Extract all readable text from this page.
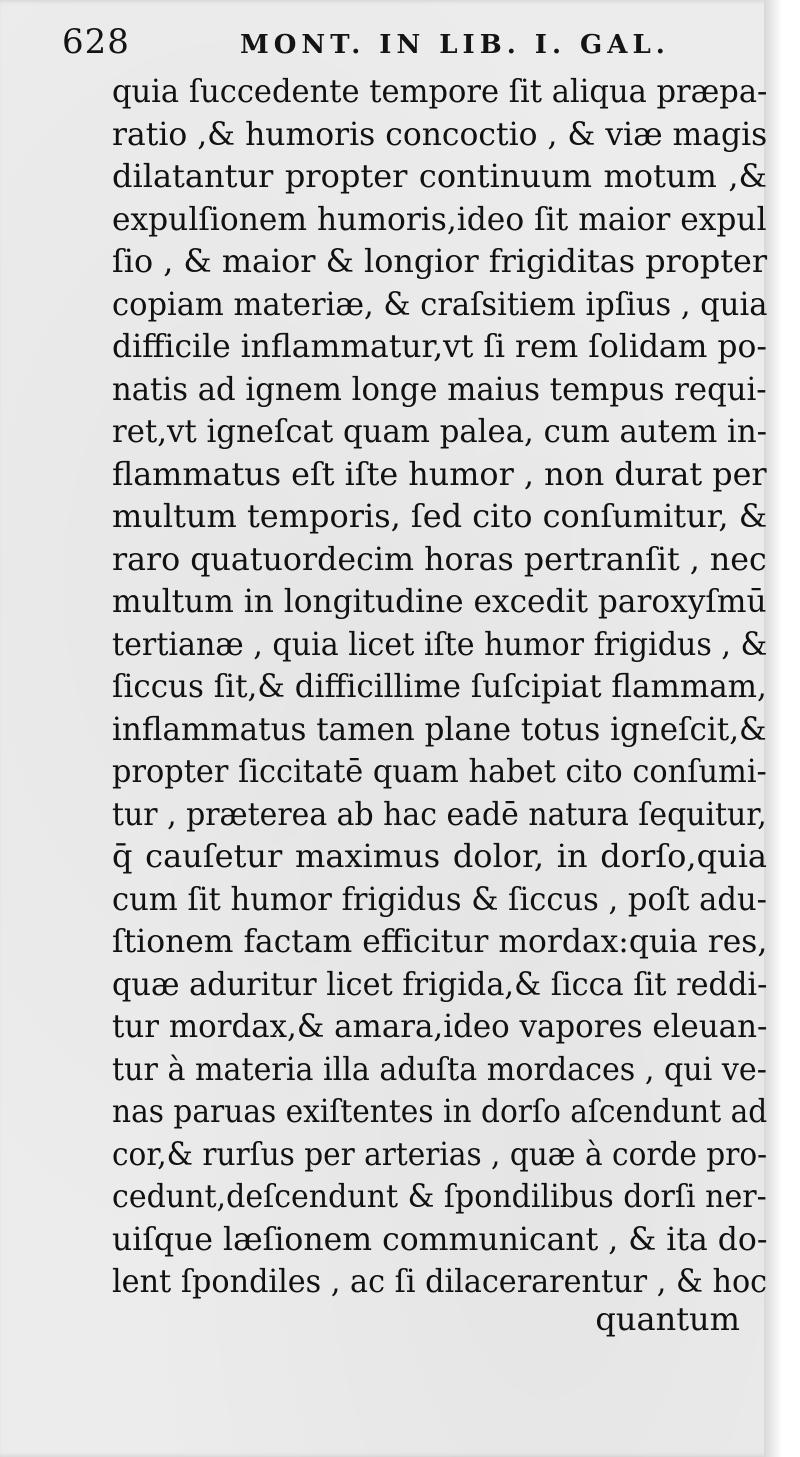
628	MONT. IN LIB. I. GAL.
quia ſuccedente tempore ſit aliqua præpa-
ratio ,& humoris concoctio , & viæ magis
dilatantur propter continuum motum ,&
expulſionem humoris,ideo ſit maior expul
ſio , & maior & longior frigiditas propter
copiam materiæ, & craſsitiem ipſius , quia
difficile inflammatur,vt ſi rem ſolidam po-
natis ad ignem longe maius tempus requi-
ret,vt igneſcat quam palea, cum autem in-
flammatus eſt iſte humor , non durat per
multum temporis, ſed cito conſumitur, &
raro quatuordecim horas pertranſit , nec
multum in longitudine excedit paroxyſmū
tertianæ , quia licet iſte humor frigidus , &
ſiccus ſit,& difficillime ſuſcipiat flammam,
inflammatus tamen plane totus igneſcit,&
propter ſiccitatē quam habet cito conſumi-
tur , præterea ab hac eadē natura ſequitur,
q̄ cauſetur maximus dolor, in dorſo,quia
cum ſit humor frigidus & ſiccus , poſt adu-
ſtionem factam efficitur mordax:quia res,
quæ aduritur licet frigida,& ſicca ſit reddi-
tur mordax,& amara,ideo vapores eleuan-
tur à materia illa aduſta mordaces , qui ve-
nas paruas exiſtentes in dorſo aſcendunt ad
cor,& rurſus per arterias , quæ à corde pro-
cedunt,deſcendunt & ſpondilibus dorſi ner-
uiſque læſionem communicant , & ita do-
lent ſpondiles , ac ſi dilacerarentur , & hoc
quantum
